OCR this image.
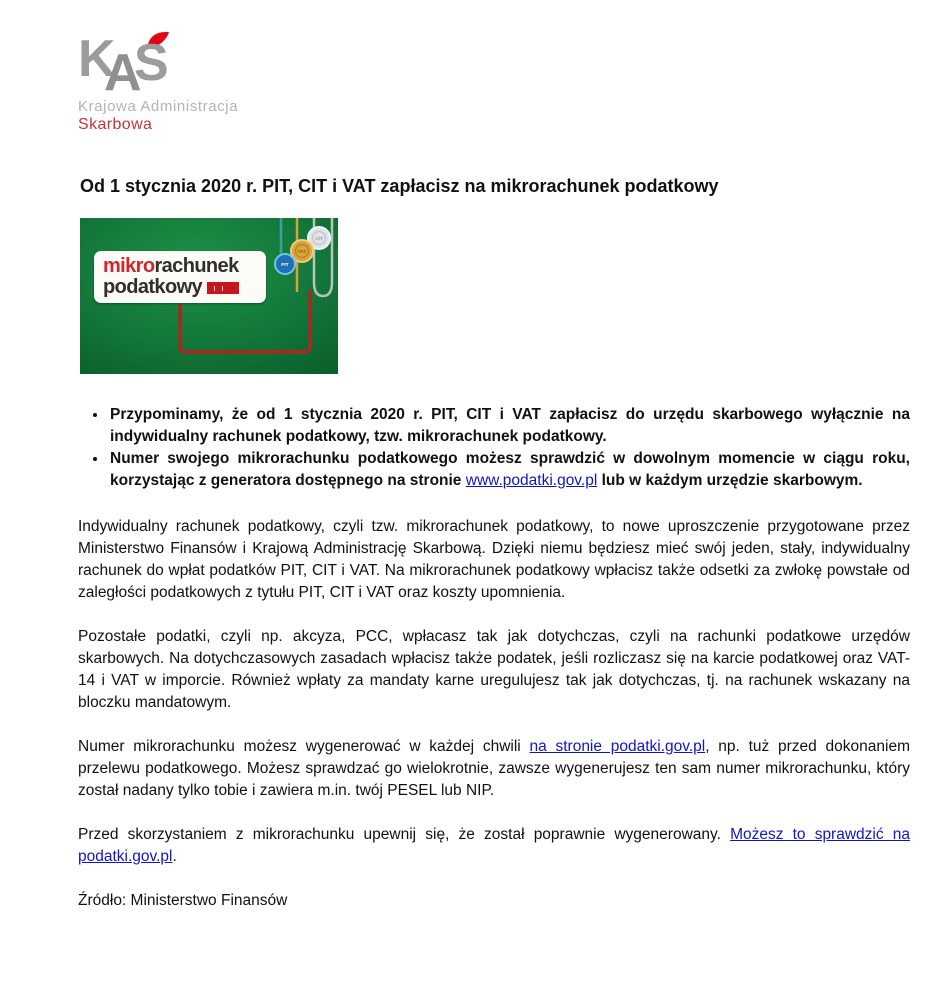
K
A
S
Krajowa Administracja
Skarbowa
Od 1 stycznia 2020 r. PIT, CIT i VAT zapłacisz na mikrorachunek podatkowy
CIT
VAT
PIT
mikrorachunek
podatkowy
• Przypominamy, że od 1 stycznia 2020 r. PIT, CIT i VAT zapłacisz do urzędu skarbowego wyłącznie na indywidualny rachunek podatkowy, tzw. mikrorachunek podatkowy.
• Numer swojego mikrorachunku podatkowego możesz sprawdzić w dowolnym momencie w ciągu roku, korzystając z generatora dostępnego na stronie www.podatki.gov.pl lub w każdym urzędzie skarbowym.

Indywidualny rachunek podatkowy, czyli tzw. mikrorachunek podatkowy, to nowe uproszczenie przygotowane przez Ministerstwo Finansów i Krajową Administrację Skarbową. Dzięki niemu będziesz mieć swój jeden, stały, indywidualny rachunek do wpłat podatków PIT, CIT i VAT. Na mikrorachunek podatkowy wpłacisz także odsetki za zwłokę powstałe od zaległości podatkowych z tytułu PIT, CIT i VAT oraz koszty upomnienia.

Pozostałe podatki, czyli np. akcyza, PCC, wpłacasz tak jak dotychczas, czyli na rachunki podatkowe urzędów skarbowych. Na dotychczasowych zasadach wpłacisz także podatek, jeśli rozliczasz się na karcie podatkowej oraz VAT-14 i VAT w imporcie. Również wpłaty za mandaty karne uregulujesz tak jak dotychczas, tj. na rachunek wskazany na bloczku mandatowym.

Numer mikrorachunku możesz wygenerować w każdej chwili na stronie podatki.gov.pl, np. tuż przed dokonaniem przelewu podatkowego. Możesz sprawdzać go wielokrotnie, zawsze wygenerujesz ten sam numer mikrorachunku, który został nadany tylko tobie i zawiera m.in. twój PESEL lub NIP.

Przed skorzystaniem z mikrorachunku upewnij się, że został poprawnie wygenerowany. Możesz to sprawdzić na podatki.gov.pl.

Źródło: Ministerstwo Finansów
